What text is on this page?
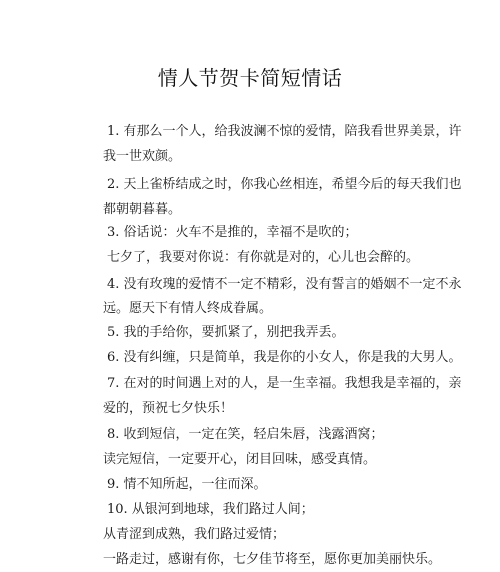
情人节贺卡简短情话
1. 有那么一个人，给我波澜不惊的爱情，陪我看世界美景，许
我一世欢颜。
2. 天上雀桥结成之时，你我心丝相连，希望今后的每天我们也
都朝朝暮暮。
3. 俗话说：火车不是推的，幸福不是吹的；
七夕了，我要对你说：有你就是对的，心儿也会醉的。
4. 没有玫瑰的爱情不一定不精彩，没有誓言的婚姻不一定不永
远。愿天下有情人终成眷属。
5. 我的手给你，要抓紧了，别把我弄丢。
6. 没有纠缠，只是简单，我是你的小女人，你是我的大男人。
7. 在对的时间遇上对的人，是一生幸福。我想我是幸福的，亲
爱的，预祝七夕快乐！
8. 收到短信，一定在笑，轻启朱唇，浅露酒窝；
读完短信，一定要开心，闭目回味，感受真情。
9. 情不知所起，一往而深。
10. 从银河到地球，我们路过人间；
从青涩到成熟，我们路过爱情；
一路走过，感谢有你，七夕佳节将至，愿你更加美丽快乐。
